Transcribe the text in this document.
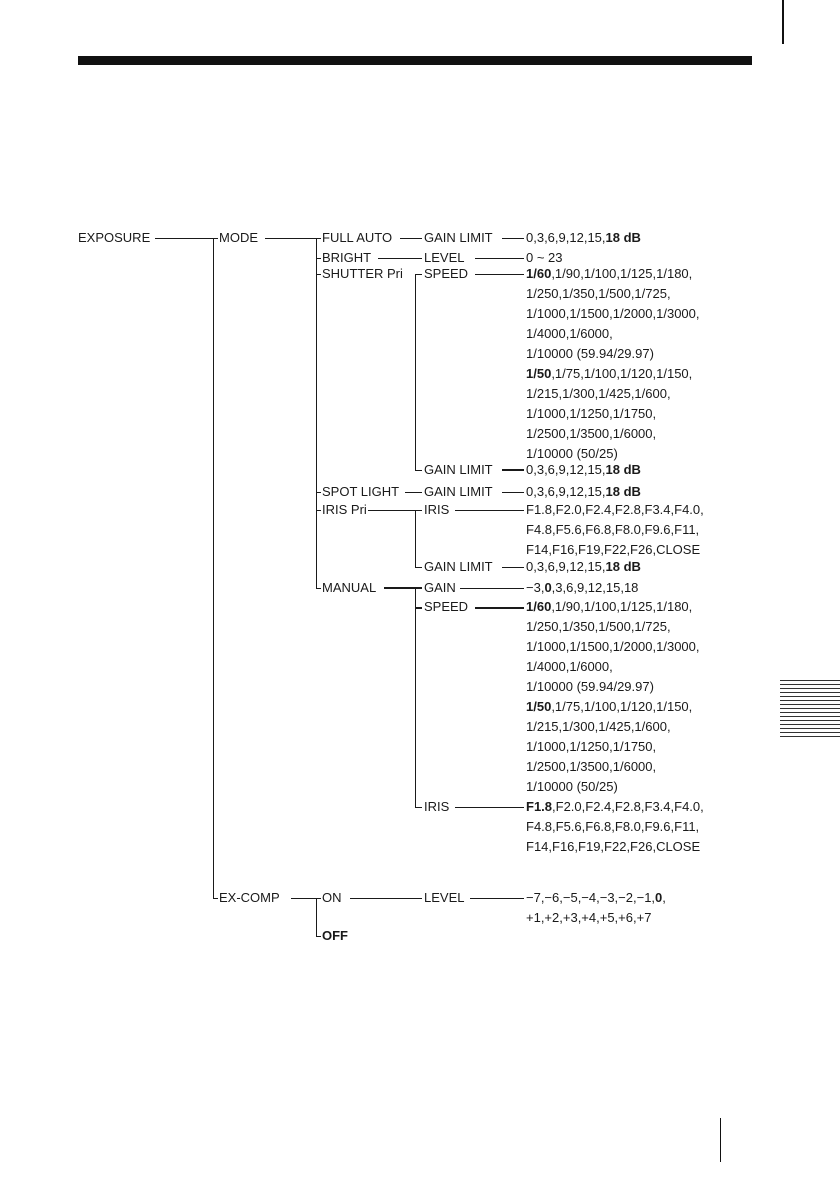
EXPOSURE	MODE
EX-COMP
FULL AUTO
BRIGHT
SHUTTER Pri
SPOT LIGHT
IRIS Pri
MANUAL
ON
OFF
GAIN LIMIT
LEVEL
SPEED
GAIN LIMIT
GAIN LIMIT
IRIS
GAIN LIMIT
GAIN
SPEED
IRIS
LEVEL
0,3,6,9,12,15,18 dB
0 ~ 23
1/60,1/90,1/100,1/125,1/180,
1/250,1/350,1/500,1/725,
1/1000,1/1500,1/2000,1/3000,
1/4000,1/6000,
1/10000 (59.94/29.97)
1/50,1/75,1/100,1/120,1/150,
1/215,1/300,1/425,1/600,
1/1000,1/1250,1/1750,
1/2500,1/3500,1/6000,
1/10000 (50/25)
0,3,6,9,12,15,18 dB
0,3,6,9,12,15,18 dB
F1.8,F2.0,F2.4,F2.8,F3.4,F4.0,
F4.8,F5.6,F6.8,F8.0,F9.6,F11,
F14,F16,F19,F22,F26,CLOSE
0,3,6,9,12,15,18 dB
−3,0,3,6,9,12,15,18
1/60,1/90,1/100,1/125,1/180,
1/250,1/350,1/500,1/725,
1/1000,1/1500,1/2000,1/3000,
1/4000,1/6000,
1/10000 (59.94/29.97)
1/50,1/75,1/100,1/120,1/150,
1/215,1/300,1/425,1/600,
1/1000,1/1250,1/1750,
1/2500,1/3500,1/6000,
1/10000 (50/25)
F1.8,F2.0,F2.4,F2.8,F3.4,F4.0,
F4.8,F5.6,F6.8,F8.0,F9.6,F11,
F14,F16,F19,F22,F26,CLOSE
−7,−6,−5,−4,−3,−2,−1,0,
+1,+2,+3,+4,+5,+6,+7
